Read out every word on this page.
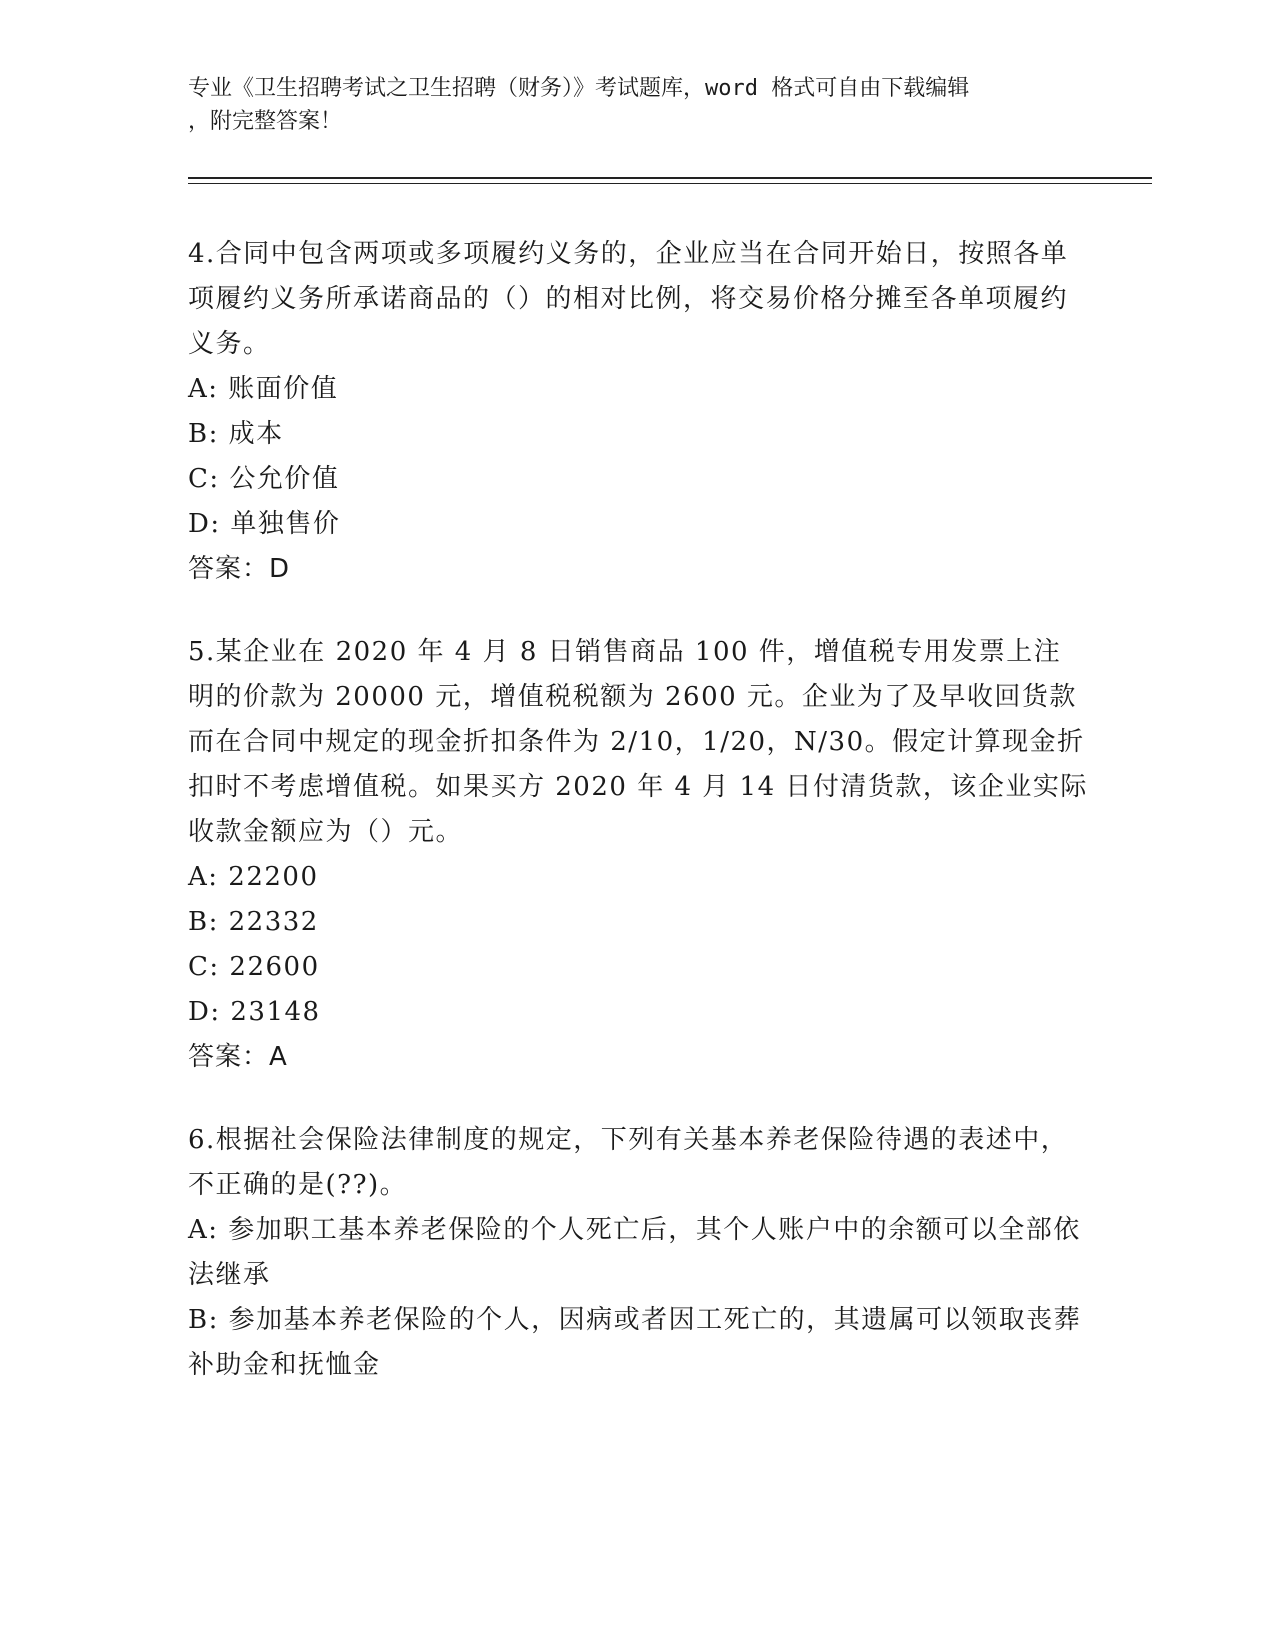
专业《卫生招聘考试之卫生招聘（财务）》考试题库，word 格式可自由下载编辑
，附完整答案！

4.合同中包含两项或多项履约义务的，企业应当在合同开始日，按照各单项履约义务所承诺商品的（）的相对比例，将交易价格分摊至各单项履约义务。

A: 账面价值

B: 成本

C: 公允价值

D: 单独售价

答案：D

5.某企业在 2020 年 4 月 8 日销售商品 100 件，增值税专用发票上注明的价款为 20000 元，增值税税额为 2600 元。企业为了及早收回货款而在合同中规定的现金折扣条件为 2/10，1/20，N/30。假定计算现金折扣时不考虑增值税。如果买方 2020 年 4 月 14 日付清货款，该企业实际收款金额应为（）元。

A: 22200

B: 22332

C: 22600

D: 23148

答案：A

6.根据社会保险法律制度的规定，下列有关基本养老保险待遇的表述中，不正确的是(??)。

A: 参加职工基本养老保险的个人死亡后，其个人账户中的余额可以全部依法继承

B: 参加基本养老保险的个人，因病或者因工死亡的，其遗属可以领取丧葬补助金和抚恤金
